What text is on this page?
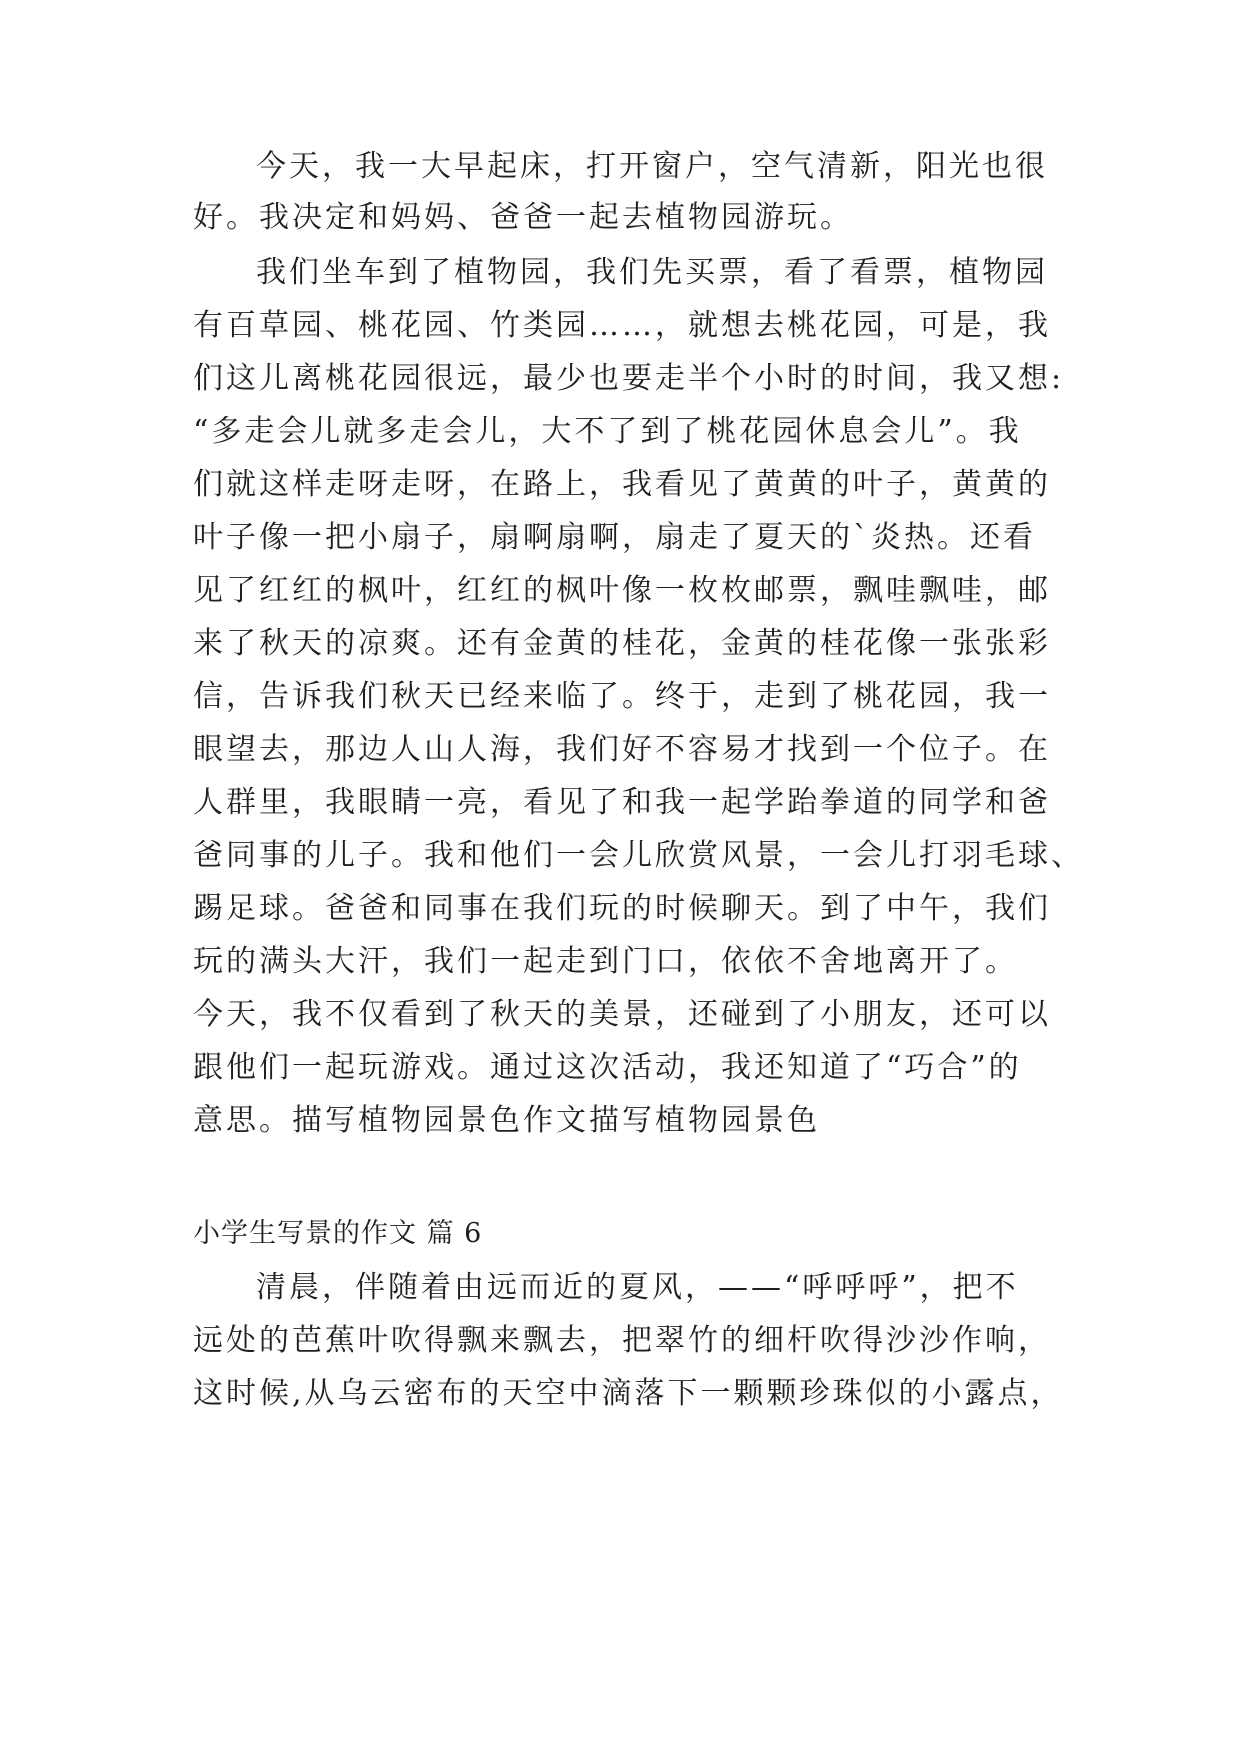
今天，我一大早起床，打开窗户，空气清新，阳光也很
好。我决定和妈妈、爸爸一起去植物园游玩。
我们坐车到了植物园，我们先买票，看了看票，植物园
有百草园、桃花园、竹类园……，就想去桃花园，可是，我
们这儿离桃花园很远，最少也要走半个小时的时间，我又想:
“多走会儿就多走会儿，大不了到了桃花园休息会儿”。我
们就这样走呀走呀，在路上，我看见了黄黄的叶子，黄黄的
叶子像一把小扇子，扇啊扇啊，扇走了夏天的`炎热。还看
见了红红的枫叶，红红的枫叶像一枚枚邮票，飘哇飘哇，邮
来了秋天的凉爽。还有金黄的桂花，金黄的桂花像一张张彩
信，告诉我们秋天已经来临了。终于，走到了桃花园，我一
眼望去，那边人山人海，我们好不容易才找到一个位子。在
人群里，我眼睛一亮，看见了和我一起学跆拳道的同学和爸
爸同事的儿子。我和他们一会儿欣赏风景，一会儿打羽毛球、
踢足球。爸爸和同事在我们玩的时候聊天。到了中午，我们
玩的满头大汗，我们一起走到门口，依依不舍地离开了。
今天，我不仅看到了秋天的美景，还碰到了小朋友，还可以
跟他们一起玩游戏。通过这次活动，我还知道了“巧合”的
意思。描写植物园景色作文描写植物园景色
小学生写景的作文 篇 6
清晨，伴随着由远而近的夏风，——“呼呼呼”，把不
远处的芭蕉叶吹得飘来飘去，把翠竹的细杆吹得沙沙作响，
这时候,从乌云密布的天空中滴落下一颗颗珍珠似的小露点，
